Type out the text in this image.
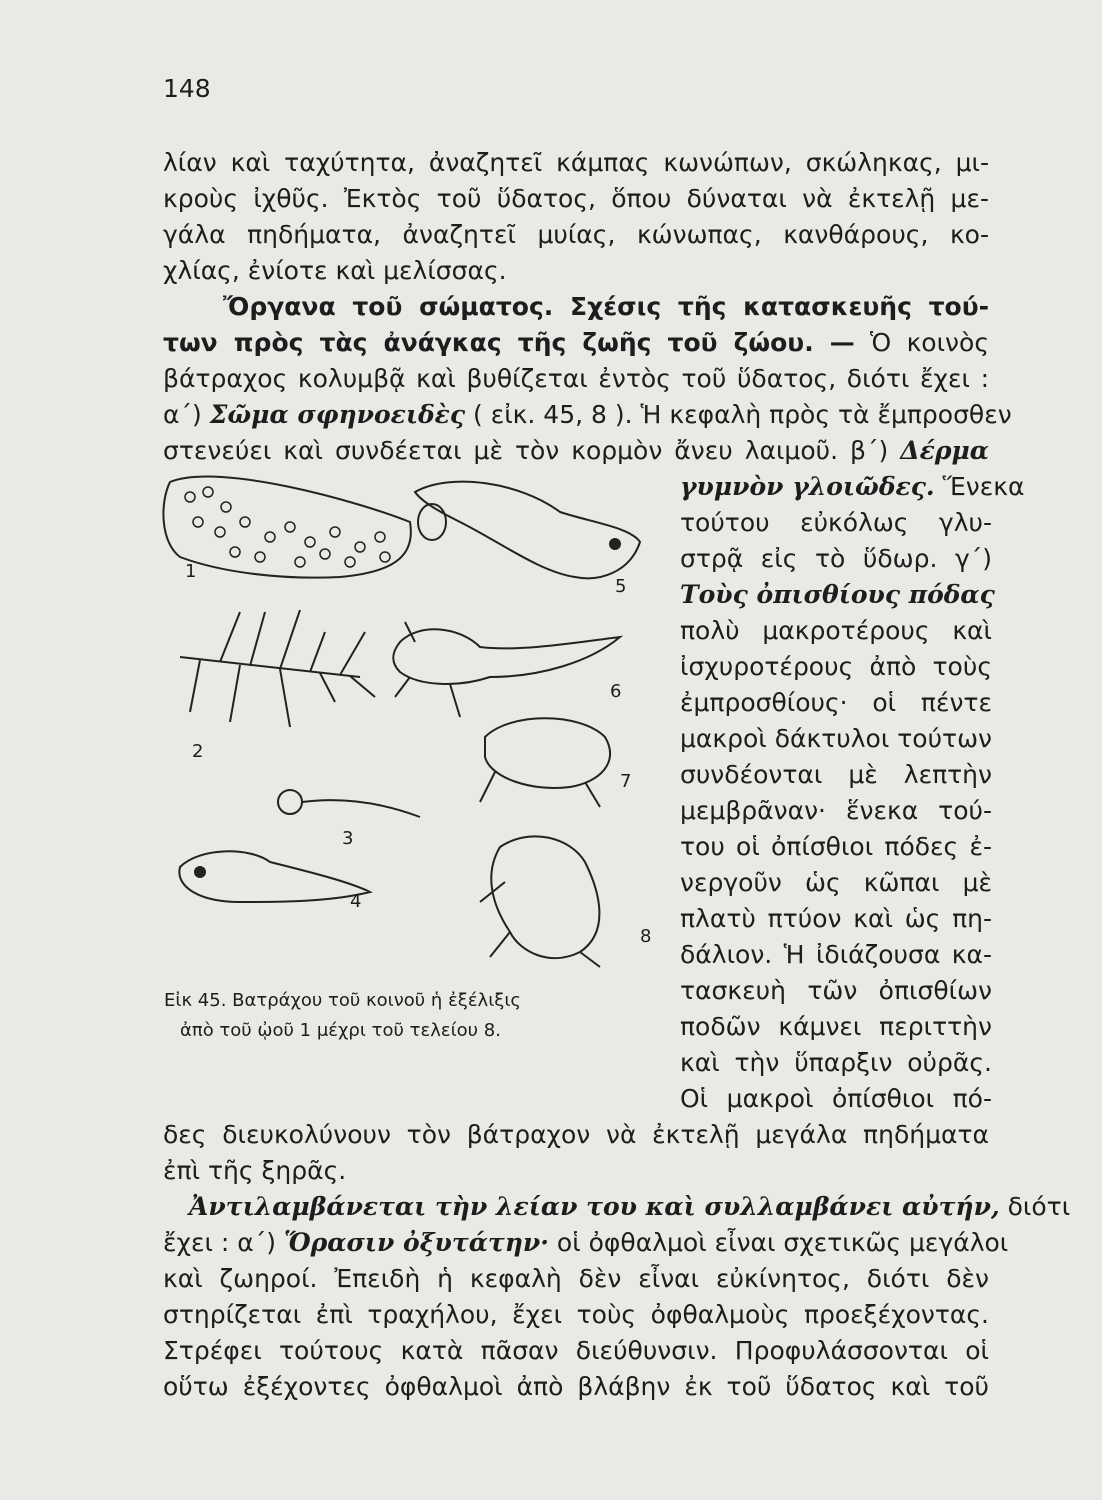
148
λίαν καὶ ταχύτητα, ἀναζητεῖ κάμπας κωνώπων, σκώληκας, μι-
κροὺς ἰχθῦς. Ἐκτὸς τοῦ ὕδατος, ὅπου δύναται νὰ ἐκτελῇ με-
γάλα πηδήματα, ἀναζητεῖ μυίας, κώνωπας, κανθάρους, κο-
χλίας, ἐνίοτε καὶ μελίσσας.
Ὄργανα τοῦ σώματος. Σχέσις τῆς κατασκευῆς τού-
των πρὸς τὰς ἀνάγκας τῆς ζωῆς τοῦ ζώου. — Ὁ κοινὸς
βάτραχος κολυμβᾷ καὶ βυθίζεται ἐντὸς τοῦ ὕδατος, διότι ἔχει :
α΄) Σῶμα σφηνοειδὲς ( εἰκ. 45, 8 ). Ἡ κεφαλὴ πρὸς τὰ ἔμπροσθεν
στενεύει καὶ συνδέεται μὲ τὸν κορμὸν ἄνευ λαιμοῦ. β΄) Δέρμα
γυμνὸν γλοιῶδες. Ἕνεκα
τούτου εὐκόλως γλυ-
στρᾷ εἰς τὸ ὕδωρ. γ΄)
Τοὺς ὀπισθίους πόδας
πολὺ μακροτέρους καὶ
ἰσχυροτέρους ἀπὸ τοὺς
ἐμπροσθίους· οἱ πέντε
μακροὶ δάκτυλοι τούτων
συνδέονται μὲ λεπτὴν
μεμβρᾶναν· ἕνεκα τού-
του οἱ ὀπίσθιοι πόδες ἐ-
νεργοῦν ὡς κῶπαι μὲ
πλατὺ πτύον καὶ ὡς πη-
δάλιον. Ἡ ἰδιάζουσα κα-
τασκευὴ τῶν ὀπισθίων
ποδῶν κάμνει περιττὴν
καὶ τὴν ὕπαρξιν οὐρᾶς.
Οἱ μακροὶ ὀπίσθιοι πό-
1
2
3
4
5
6
7
8
Εἰκ 45. Βατράχου τοῦ κοινοῦ ἡ ἐξέλιξις
ἀπὸ τοῦ ᾠοῦ 1 μέχρι τοῦ τελείου 8.
δες διευκολύνουν τὸν βάτραχον νὰ ἐκτελῇ μεγάλα πηδήματα
ἐπὶ τῆς ξηρᾶς.
Ἀντιλαμβάνεται τὴν λείαν του καὶ συλλαμβάνει αὐτήν, διότι
ἔχει : α΄) Ὅρασιν ὀξυτάτην· οἱ ὀφθαλμοὶ εἶναι σχετικῶς μεγάλοι
καὶ ζωηροί. Ἐπειδὴ ἡ κεφαλὴ δὲν εἶναι εὐκίνητος, διότι δὲν
στηρίζεται ἐπὶ τραχήλου, ἔχει τοὺς ὀφθαλμοὺς προεξέχοντας.
Στρέφει τούτους κατὰ πᾶσαν διεύθυνσιν. Προφυλάσσονται οἱ
οὕτω ἐξέχοντες ὀφθαλμοὶ ἀπὸ βλάβην ἐκ τοῦ ὕδατος καὶ τοῦ
